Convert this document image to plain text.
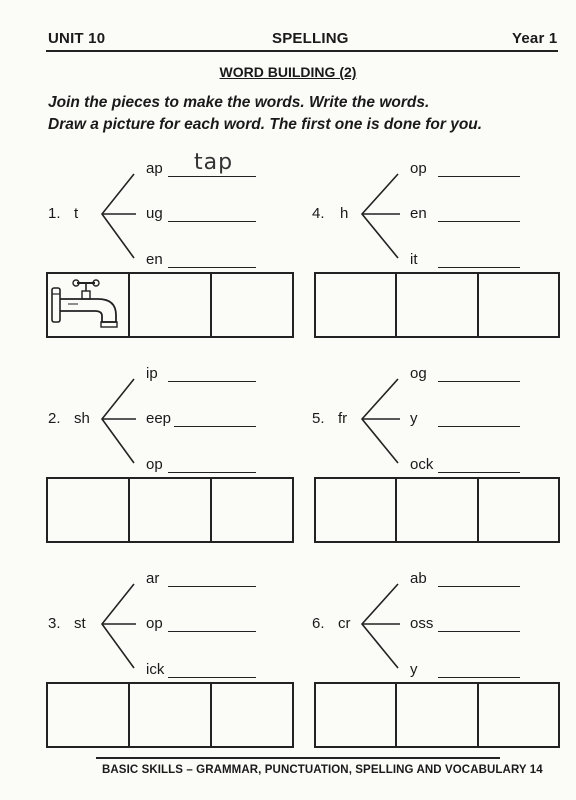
UNIT 10	SPELLING	Year 1
WORD BUILDING (2)
Join the pieces to make the words. Write the words.
Draw a picture for each word. The first one is done for you.
1. t
ap
ug
en
tap
2. sh
ip
eep
op
3. st
ar
op
ick
4. h
op
en
it
5. fr
og
y
ock
6. cr
ab
oss
y
BASIC SKILLS – GRAMMAR, PUNCTUATION, SPELLING AND VOCABULARY 14
